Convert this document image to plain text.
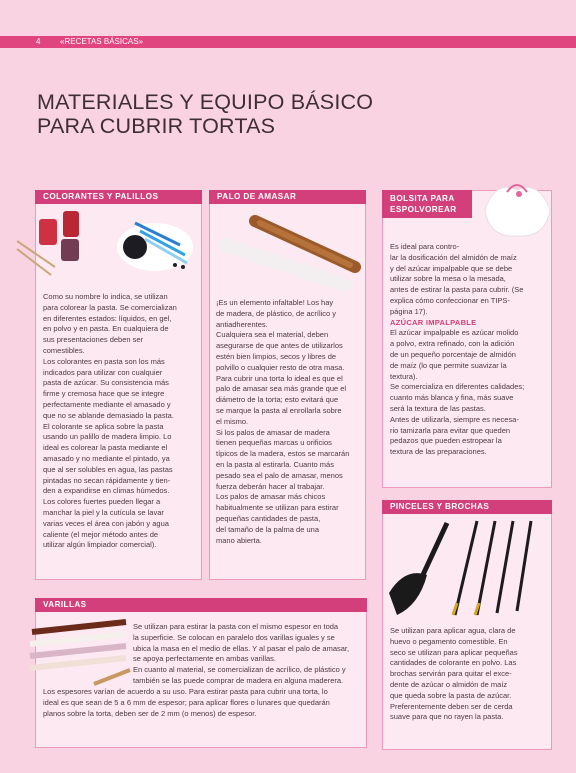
4 «RECETAS BÁSICAS»
MATERIALES Y EQUIPO BÁSICO
PARA CUBRIR TORTAS
COLORANTES Y PALILLOS
Como su nombre lo indica, se utilizan
para colorear la pasta. Se comercializan
en diferentes estados: líquidos, en gel,
en polvo y en pasta. En cualquiera de
sus presentaciones deben ser
comestibles.
Los colorantes en pasta son los más
indicados para utilizar con cualquier
pasta de azúcar. Su consistencia más
firme y cremosa hace que se integre
perfectamente mediante el amasado y
que no se ablande demasiado la pasta.
El colorante se aplica sobre la pasta
usando un palillo de madera limpio. Lo
ideal es colorear la pasta mediante el
amasado y no mediante el pintado, ya
que al ser solubles en agua, las pastas
pintadas no secan rápidamente y tien-
den a expandirse en climas húmedos.
Los colores fuertes pueden llegar a
manchar la piel y la cutícula se lavar
varias veces el área con jabón y agua
caliente (el mejor método antes de
utilizar algún limpiador comercial).
PALO DE AMASAR
¡Es un elemento infaltable! Los hay
de madera, de plástico, de acrílico y
antiadherentes.
Cualquiera sea el material, deben
asegurarse de que antes de utilizarlos
estén bien limpios, secos y libres de
polvillo o cualquier resto de otra masa.
Para cubrir una torta lo ideal es que el
palo de amasar sea más grande que el
diámetro de la torta; esto evitará que
se marque la pasta al enrollarla sobre
el mismo.
Si los palos de amasar de madera
tienen pequeñas marcas u orificios
típicos de la madera, estos se marcarán
en la pasta al estirarla. Cuanto más
pesado sea el palo de amasar, menos
fuerza deberán hacer al trabajar.
Los palos de amasar más chicos
habitualmente se utilizan para estirar
pequeñas cantidades de pasta,
del tamaño de la palma de una
mano abierta.
BOLSITA PARA
ESPOLVOREAR
Es ideal para contro-
lar la dosificación del almidón de maíz
y del azúcar impalpable que se debe
utilizar sobre la mesa o la mesada,
antes de estirar la pasta para cubrir. (Se
explica cómo confeccionar en TIPS-
página 17).
AZÚCAR IMPALPABLE
El azúcar impalpable es azúcar molido
a polvo, extra refinado, con la adición
de un pequeño porcentaje de almidón
de maíz (lo que permite suavizar la
textura).
Se comercializa en diferentes calidades;
cuanto más blanca y fina, más suave
será la textura de las pastas.
Antes de utilizarla, siempre es necesa-
rio tamizarla para evitar que queden
pedazos que pueden estropear la
textura de las preparaciones.
PINCELES Y BROCHAS
Se utilizan para aplicar agua, clara de
huevo o pegamento comestible. En
seco se utilizan para aplicar pequeñas
cantidades de colorante en polvo. Las
brochas servirán para quitar el exce-
dente de azúcar o almidón de maíz
que queda sobre la pasta de azúcar.
Preferentemente deben ser de cerda
suave para que no rayen la pasta.
VARILLAS
Se utilizan para estirar la pasta con el mismo espesor en toda
la superficie. Se colocan en paralelo dos varillas iguales y se
ubica la masa en el medio de ellas. Y al pasar el palo de amasar,
se apoya perfectamente en ambas varillas.
En cuanto al material, se comercializan de acrílico, de plástico y
también se las puede comprar de madera en alguna maderera.
Los espesores varían de acuerdo a su uso. Para estirar pasta para cubrir una torta, lo
ideal es que sean de 5 a 6 mm de espesor; para aplicar flores o lunares que quedarán
planos sobre la torta, deben ser de 2 mm (o menos) de espesor.
